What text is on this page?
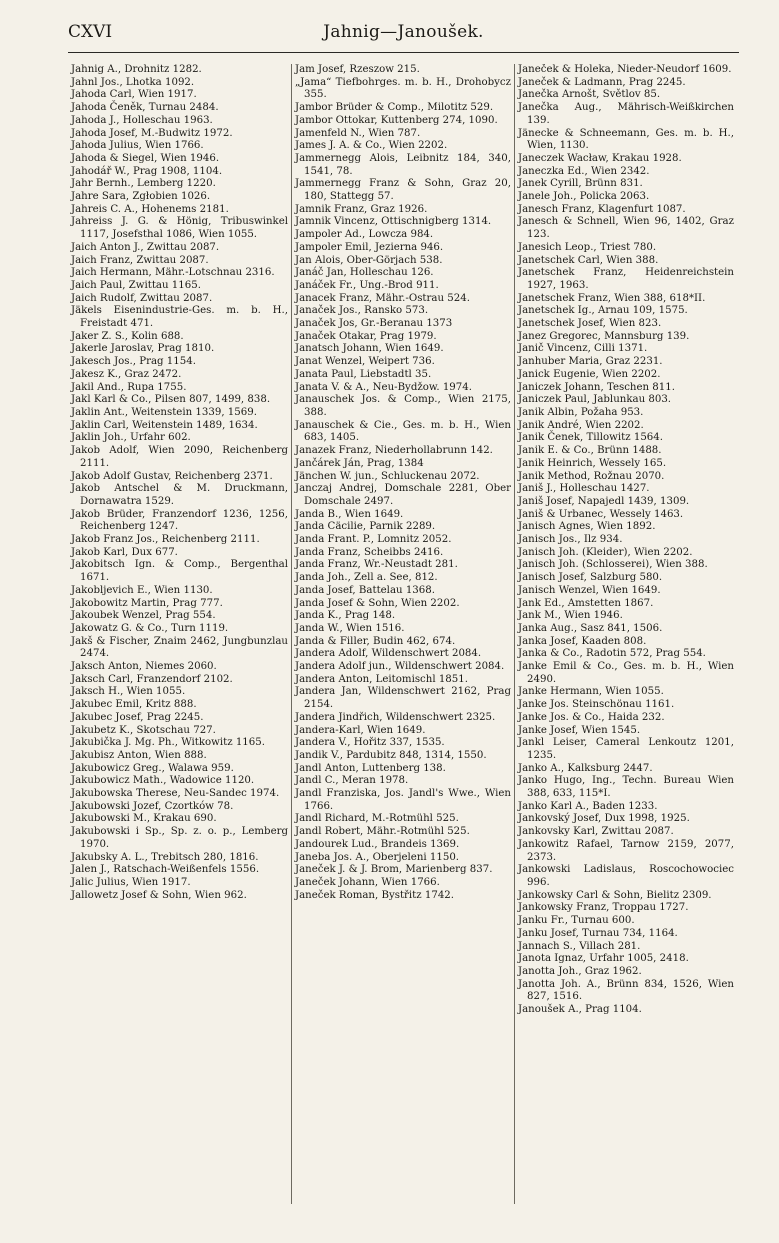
CXVI	Jahnig—Janoušek.
Jahnig A., Drohnitz 1282.
Jahnl Jos., Lhotka 1092.
Jahoda Carl, Wien 1917.
Jahoda Čeněk, Turnau 2484.
Jahoda J., Holleschau 1963.
Jahoda Josef, M.-Budwitz 1972.
Jahoda Julius, Wien 1766.
Jahoda & Siegel, Wien 1946.
Jahodář W., Prag 1908, 1104.
Jahr Bernh., Lemberg 1220.
Jahre Sara, Zgłobien 1026.
Jahreis C. A., Hohenems 2181.
Jahreiss J. G. & Hönig, Tribuswinkel 1117, Josefsthal 1086, Wien 1055.
Jaich Anton J., Zwittau 2087.
Jaich Franz, Zwittau 2087.
Jaich Hermann, Mähr.-Lotschnau 2316.
Jaich Paul, Zwittau 1165.
Jaich Rudolf, Zwittau 2087.
Jäkels Eisenindustrie-Ges. m. b. H., Freistadt 471.
Jaker Z. S., Kolin 688.
Jakerle Jaroslav, Prag 1810.
Jakesch Jos., Prag 1154.
Jakesz K., Graz 2472.
Jakil And., Rupa 1755.
Jakl Karl & Co., Pilsen 807, 1499, 838.
Jaklin Ant., Weitenstein 1339, 1569.
Jaklin Carl, Weitenstein 1489, 1634.
Jaklin Joh., Urfahr 602.
Jakob Adolf, Wien 2090, Reichenberg 2111.
Jakob Adolf Gustav, Reichenberg 2371.
Jakob Antschel & M. Druckmann, Dornawatra 1529.
Jakob Brüder, Franzendorf 1236, 1256, Reichenberg 1247.
Jakob Franz Jos., Reichenberg 2111.
Jakob Karl, Dux 677.
Jakobitsch Ign. & Comp., Bergenthal 1671.
Jakobljevich E., Wien 1130.
Jakobowitz Martin, Prag 777.
Jakoubek Wenzel, Prag 554.
Jakowatz G. & Co., Turn 1119.
Jakš & Fischer, Znaim 2462, Jungbunzlau 2474.
Jaksch Anton, Niemes 2060.
Jaksch Carl, Franzendorf 2102.
Jaksch H., Wien 1055.
Jakubec Emil, Kritz 888.
Jakubec Josef, Prag 2245.
Jakubetz K., Skotschau 727.
Jakubička J. Mg. Ph., Witkowitz 1165.
Jakubisz Anton, Wien 888.
Jakubowicz Greg., Walawa 959.
Jakubowicz Math., Wadowice 1120.
Jakubowska Therese, Neu-Sandec 1974.
Jakubowski Jozef, Czortków 78.
Jakubowski M., Krakau 690.
Jakubowski i Sp., Sp. z. o. p., Lemberg 1970.
Jakubsky A. L., Trebitsch 280, 1816.
Jalen J., Ratschach-Weißenfels 1556.
Jalic Julius, Wien 1917.
Jallowetz Josef & Sohn, Wien 962.
Jam Josef, Rzeszow 215.
„Jama“ Tiefbohrges. m. b. H., Drohobycz 355.
Jambor Brüder & Comp., Milotitz 529.
Jambor Ottokar, Kuttenberg 274, 1090.
Jamenfeld N., Wien 787.
James J. A. & Co., Wien 2202.
Jammernegg Alois, Leibnitz 184, 340, 1541, 78.
Jammernegg Franz & Sohn, Graz 20, 180, Stattegg 57.
Jamnik Franz, Graz 1926.
Jamnik Vincenz, Ottischnigberg 1314.
Jampoler Ad., Lowcza 984.
Jampoler Emil, Jezierna 946.
Jan Alois, Ober-Görjach 538.
Janáč Jan, Holleschau 126.
Janáček Fr., Ung.-Brod 911.
Janacek Franz, Mähr.-Ostrau 524.
Janaček Jos., Ransko 573.
Janaček Jos, Gr.-Beranau 1373
Janaček Otakar, Prag 1979.
Janatsch Johann, Wien 1649.
Janat Wenzel, Weipert 736.
Janata Paul, Liebstadtl 35.
Janata V. & A., Neu-Bydžow. 1974.
Janauschek Jos. & Comp., Wien 2175, 388.
Janauschek & Cie., Ges. m. b. H., Wien 683, 1405.
Janazek Franz, Niederhollabrunn 142.
Jančárek Ján, Prag, 1384
Jänchen W. jun., Schluckenau 2072.
Janczaj Andrej, Domschale 2281, Ober Domschale 2497.
Janda B., Wien 1649.
Janda Cäcilie, Parnik 2289.
Janda Frant. P., Lomnitz 2052.
Janda Franz, Scheibbs 2416.
Janda Franz, Wr.-Neustadt 281.
Janda Joh., Zell a. See, 812.
Janda Josef, Battelau 1368.
Janda Josef & Sohn, Wien 2202.
Janda K., Prag 148.
Janda W., Wien 1516.
Janda & Filler, Budin 462, 674.
Jandera Adolf, Wildenschwert 2084.
Jandera Adolf jun., Wildenschwert 2084.
Jandera Anton, Leitomischl 1851.
Jandera Jan, Wildenschwert 2162, Prag 2154.
Jandera Jindřich, Wildenschwert 2325.
Jandera-Karl, Wien 1649.
Jandera V., Hořitz 337, 1535.
Jandik V., Pardubitz 848, 1314, 1550.
Jandl Anton, Luttenberg 138.
Jandl C., Meran 1978.
Jandl Franziska, Jos. Jandl's Wwe., Wien 1766.
Jandl Richard, M.-Rotmühl 525.
Jandl Robert, Mähr.-Rotmühl 525.
Jandourek Lud., Brandeis 1369.
Janeba Jos. A., Oberjeleni 1150.
Janeček J. & J. Brom, Marienberg 837.
Janeček Johann, Wien 1766.
Janeček Roman, Bystřitz 1742.
Janeček & Holeka, Nieder-Neudorf 1609.
Janeček & Ladmann, Prag 2245.
Janečka Arnošt, Světlov 85.
Janečka Aug., Mährisch-Weißkirchen 139.
Jänecke & Schneemann, Ges. m. b. H., Wien, 1130.
Janeczek Wacław, Krakau 1928.
Janeczka Ed., Wien 2342.
Janek Cyrill, Brünn 831.
Janele Joh., Policka 2063.
Janesch Franz, Klagenfurt 1087.
Janesch & Schnell, Wien 96, 1402, Graz 123.
Janesich Leop., Triest 780.
Janetschek Carl, Wien 388.
Janetschek Franz, Heidenreichstein 1927, 1963.
Janetschek Franz, Wien 388, 618*II.
Janetschek Ig., Arnau 109, 1575.
Janetschek Josef, Wien 823.
Janez Gregorec, Mannsburg 139.
Janič Vincenz, Cilli 1371.
Janhuber Maria, Graz 2231.
Janick Eugenie, Wien 2202.
Janiczek Johann, Teschen 811.
Janiczek Paul, Jablunkau 803.
Janik Albin, Požaha 953.
Janik André, Wien 2202.
Janik Čenek, Tillowitz 1564.
Janik E. & Co., Brünn 1488.
Janik Heinrich, Wessely 165.
Janik Method, Rožnau 2070.
Janiš J., Holleschau 1427.
Janiš Josef, Napajedl 1439, 1309.
Janiš & Urbanec, Wessely 1463.
Janisch Agnes, Wien 1892.
Janisch Jos., Ilz 934.
Janisch Joh. (Kleider), Wien 2202.
Janisch Joh. (Schlosserei), Wien 388.
Janisch Josef, Salzburg 580.
Janisch Wenzel, Wien 1649.
Jank Ed., Amstetten 1867.
Jank M., Wien 1946.
Janka Aug., Sasz 841, 1506.
Janka Josef, Kaaden 808.
Janka & Co., Radotin 572, Prag 554.
Janke Emil & Co., Ges. m. b. H., Wien 2490.
Janke Hermann, Wien 1055.
Janke Jos. Steinschönau 1161.
Janke Jos. & Co., Haida 232.
Janke Josef, Wien 1545.
Jankl Leiser, Cameral Lenkoutz 1201, 1235.
Janko A., Kalksburg 2447.
Janko Hugo, Ing., Techn. Bureau Wien 388, 633, 115*I.
Janko Karl A., Baden 1233.
Jankovský Josef, Dux 1998, 1925.
Jankovsky Karl, Zwittau 2087.
Jankowitz Rafael, Tarnow 2159, 2077, 2373.
Jankowski Ladislaus, Roscochowociec 996.
Jankowsky Carl & Sohn, Bielitz 2309.
Jankowsky Franz, Troppau 1727.
Janku Fr., Turnau 600.
Janku Josef, Turnau 734, 1164.
Jannach S., Villach 281.
Janota Ignaz, Urfahr 1005, 2418.
Janotta Joh., Graz 1962.
Janotta Joh. A., Brünn 834, 1526, Wien 827, 1516.
Janoušek A., Prag 1104.
